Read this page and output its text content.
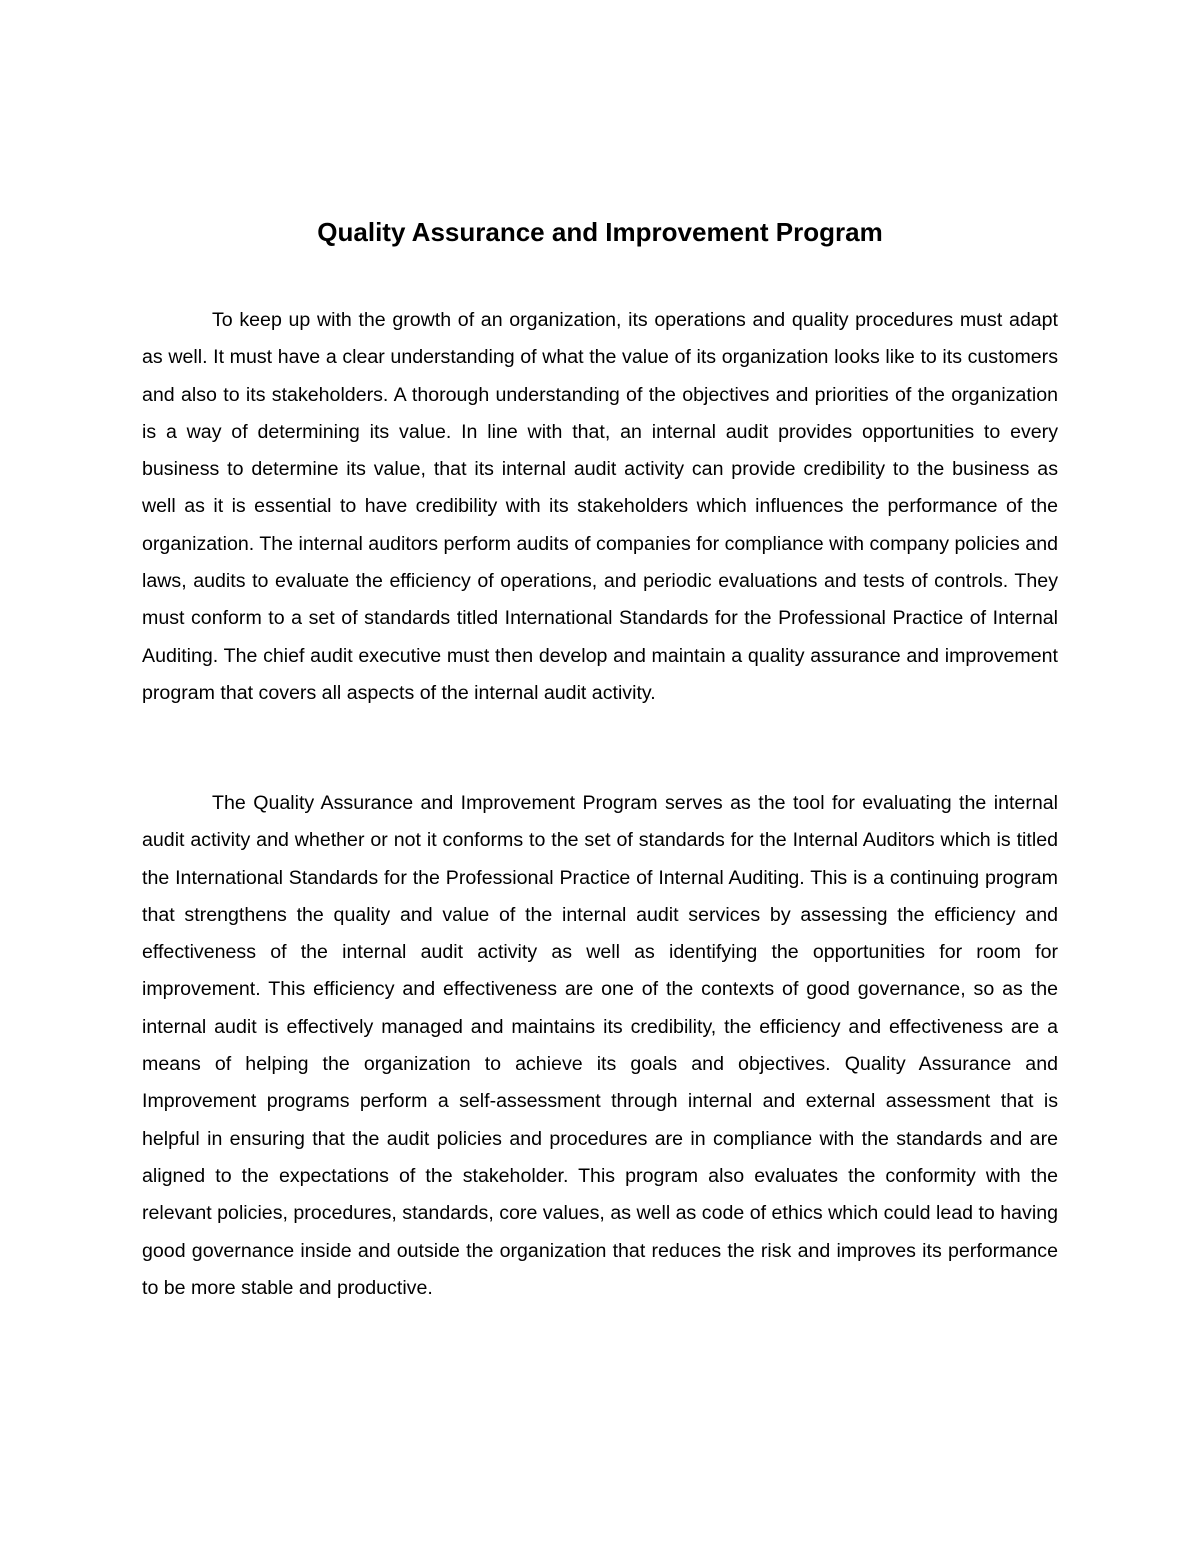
Quality Assurance and Improvement Program

To keep up with the growth of an organization, its operations and quality procedures must adapt as well. It must have a clear understanding of what the value of its organization looks like to its customers and also to its stakeholders. A thorough understanding of the objectives and priorities of the organization is a way of determining its value. In line with that, an internal audit provides opportunities to every business to determine its value, that its internal audit activity can provide credibility to the business as well as it is essential to have credibility with its stakeholders which influences the performance of the organization. The internal auditors perform audits of companies for compliance with company policies and laws, audits to evaluate the efficiency of operations, and periodic evaluations and tests of controls. They must conform to a set of standards titled International Standards for the Professional Practice of Internal Auditing. The chief audit executive must then develop and maintain a quality assurance and improvement program that covers all aspects of the internal audit activity.

The Quality Assurance and Improvement Program serves as the tool for evaluating the internal audit activity and whether or not it conforms to the set of standards for the Internal Auditors which is titled the International Standards for the Professional Practice of Internal Auditing. This is a continuing program that strengthens the quality and value of the internal audit services by assessing the efficiency and effectiveness of the internal audit activity as well as identifying the opportunities for room for improvement. This efficiency and effectiveness are one of the contexts of good governance, so as the internal audit is effectively managed and maintains its credibility, the efficiency and effectiveness are a means of helping the organization to achieve its goals and objectives. Quality Assurance and Improvement programs perform a self-assessment through internal and external assessment that is helpful in ensuring that the audit policies and procedures are in compliance with the standards and are aligned to the expectations of the stakeholder. This program also evaluates the conformity with the relevant policies, procedures, standards, core values, as well as code of ethics which could lead to having good governance inside and outside the organization that reduces the risk and improves its performance to be more stable and productive.
